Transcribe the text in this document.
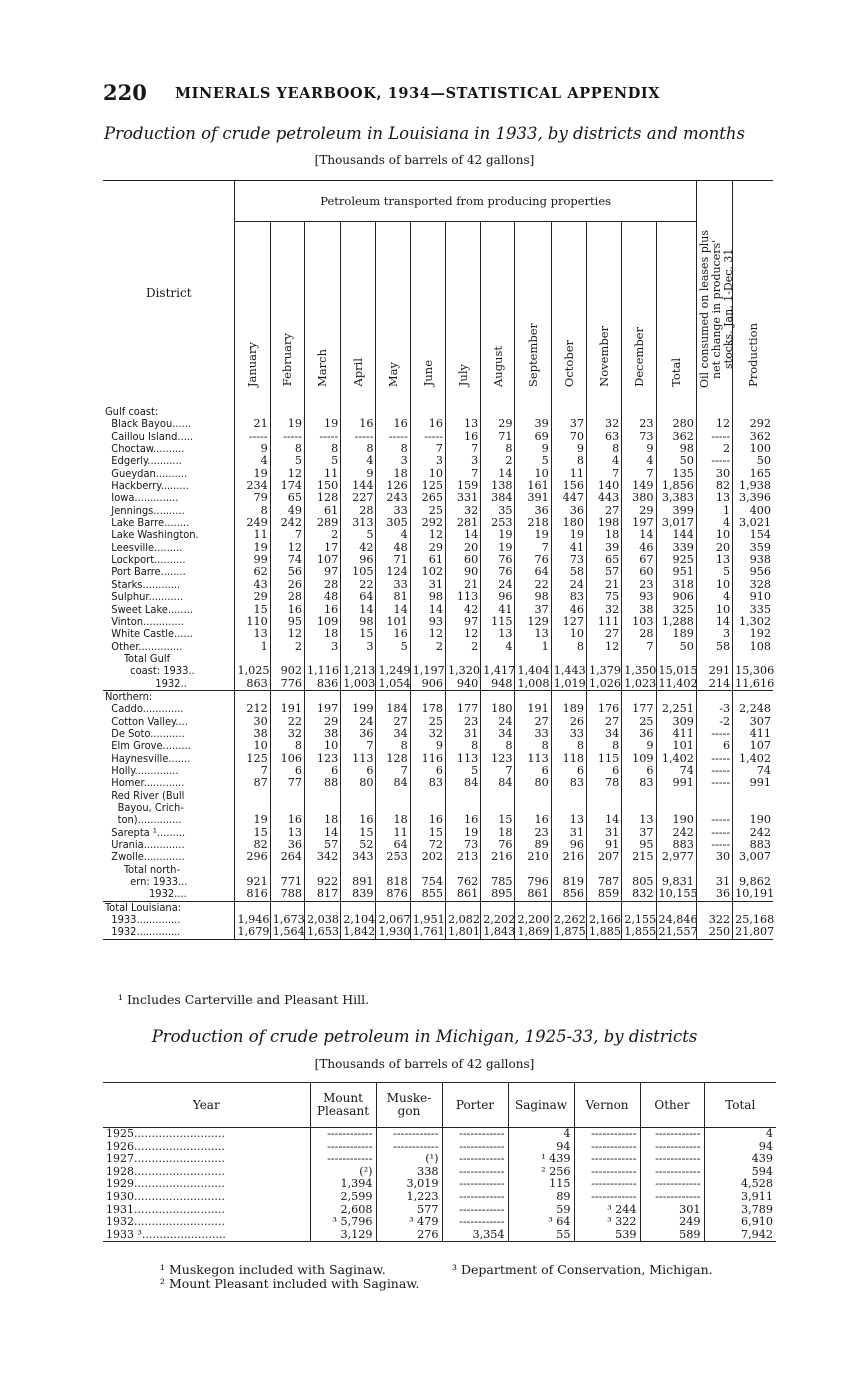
220 MINERALS YEARBOOK, 1934—STATISTICAL APPENDIX
Production of crude petroleum in Louisiana in 1933, by districts and months
[Thousands of barrels of 42 gallons]
District	Petroleum transported from producing properties													Oil consumed on leases plus net change in producers' stocks, Jan. 1-Dec. 31	Production
	January	February	March	April	May	June	July	August	September	October	November	December	Total		
Gulf coast:															
Black Bayou......	21	19	19	16	16	16	13	29	39	37	32	23	280	12	292
Caillou Island.....	-----	-----	-----	-----	-----	-----	16	71	69	70	63	73	362	-----	362
Choctaw..........	9	8	8	8	8	7	7	8	9	9	8	9	98	2	100
Edgerly...........	4	5	5	4	3	3	3	2	5	8	4	4	50	-----	50
Gueydan..........	19	12	11	9	18	10	7	14	10	11	7	7	135	30	165
Hackberry.........	234	174	150	144	126	125	159	138	161	156	140	149	1,856	82	1,938
Iowa..............	79	65	128	227	243	265	331	384	391	447	443	380	3,383	13	3,396
Jennings..........	8	49	61	28	33	25	32	35	36	36	27	29	399	1	400
Lake Barre........	249	242	289	313	305	292	281	253	218	180	198	197	3,017	4	3,021
Lake Washington.	11	7	2	5	4	12	14	19	19	19	18	14	144	10	154
Leesville.........	19	12	17	42	48	29	20	19	7	41	39	46	339	20	359
Lockport..........	99	74	107	96	71	61	60	76	76	73	65	67	925	13	938
Port Barre........	62	56	97	105	124	102	90	76	64	58	57	60	951	5	956
Starks............	43	26	28	22	33	31	21	24	22	24	21	23	318	10	328
Sulphur...........	29	28	48	64	81	98	113	96	98	83	75	93	906	4	910
Sweet Lake........	15	16	16	14	14	14	42	41	37	46	32	38	325	10	335
Vinton.............	110	95	109	98	101	93	97	115	129	127	111	103	1,288	14	1,302
White Castle......	13	12	18	15	16	12	12	13	13	10	27	28	189	3	192
Other..............	1	2	3	3	5	2	2	4	1	8	12	7	50	58	108

Total Gulf															
coast: 1933..	1,025	902	1,116	1,213	1,249	1,197	1,320	1,417	1,404	1,443	1,379	1,350	15,015	291	15,306
1932..	863	776	836	1,003	1,054	906	940	948	1,008	1,019	1,026	1,023	11,402	214	11,616
Northern:															
Caddo.............	212	191	197	199	184	178	177	180	191	189	176	177	2,251	-3	2,248
Cotton Valley....	30	22	29	24	27	25	23	24	27	26	27	25	309	-2	307
De Soto...........	38	32	38	36	34	32	31	34	33	33	34	36	411	-----	411
Elm Grove.........	10	8	10	7	8	9	8	8	8	8	8	9	101	6	107
Haynesville.......	125	106	123	113	128	116	113	123	113	118	115	109	1,402	-----	1,402
Holly..............	7	6	6	6	7	6	5	7	6	6	6	6	74	-----	74
Homer.............	87	77	88	80	84	83	84	84	80	83	78	83	991	-----	991
Red River (Bull															
Bayou, Crich-															
ton)..............	19	16	18	16	18	16	16	15	16	13	14	13	190	-----	190
Sarepta ¹.........	15	13	14	15	11	15	19	18	23	31	31	37	242	-----	242
Urania.............	82	36	57	52	64	72	73	76	89	96	91	95	883	-----	883
Zwolle.............	296	264	342	343	253	202	213	216	210	216	207	215	2,977	30	3,007

Total north-															
ern: 1933...	921	771	922	891	818	754	762	785	796	819	787	805	9,831	31	9,862
1932....	816	788	817	839	876	855	861	895	861	856	859	832	10,155	36	10,191
Total Louisiana:															
1933..............	1,946	1,673	2,038	2,104	2,067	1,951	2,082	2,202	2,200	2,262	2,166	2,155	24,846	322	25,168
1932..............	1,679	1,564	1,653	1,842	1,930	1,761	1,801	1,843	1,869	1,875	1,885	1,855	21,557	250	21,807
¹ Includes Carterville and Pleasant Hill.
Production of crude petroleum in Michigan, 1925-33, by districts
[Thousands of barrels of 42 gallons]
Year	Mount Pleasant	Muske- gon	Porter	Saginaw	Vernon	Other	Total
1925..........................	------------	------------	------------	4	------------	------------	4
1926..........................	------------	------------	------------	94	------------	------------	94
1927..........................	------------	(¹)	------------	¹ 439	------------	------------	439
1928..........................	(²)	338	------------	² 256	------------	------------	594
1929..........................	1,394	3,019	------------	115	------------	------------	4,528
1930..........................	2,599	1,223	------------	89	------------	------------	3,911
1931..........................	2,608	577	------------	59	³ 244	301	3,789
1932..........................	³ 5,796	³ 479	------------	³ 64	³ 322	249	6,910
1933 ³........................	3,129	276	3,354	55	539	589	7,942
¹ Muskegon included with Saginaw.
² Mount Pleasant included with Saginaw.
³ Department of Conservation, Michigan.
